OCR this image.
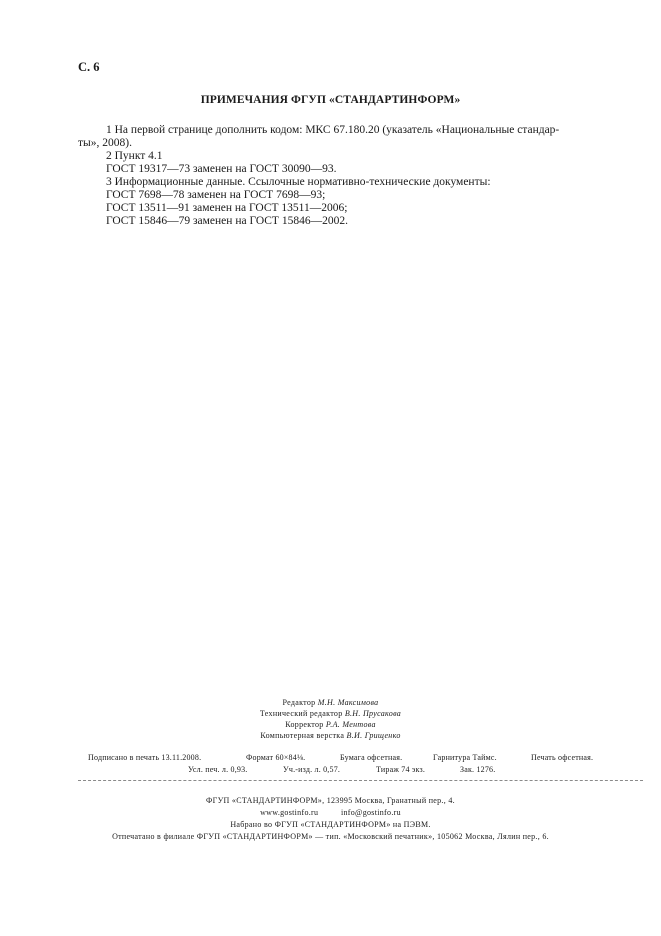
С. 6
ПРИМЕЧАНИЯ ФГУП «СТАНДАРТИНФОРМ»
1 На первой странице дополнить кодом: МКС 67.180.20 (указатель «Национальные стандар-
ты», 2008).
2 Пункт 4.1
ГОСТ 19317—73 заменен на ГОСТ 30090—93.
3 Информационные данные. Ссылочные нормативно-технические документы:
ГОСТ 7698—78 заменен на ГОСТ 7698—93;
ГОСТ 13511—91 заменен на ГОСТ 13511—2006;
ГОСТ 15846—79 заменен на ГОСТ 15846—2002.
Редактор М.Н. Максимова
Технический редактор В.Н. Прусакова
Корректор Р.А. Ментова
Компьютерная верстка В.И. Грищенко
Подписано в печать 13.11.2008.	Формат 60×84⅛.	Бумага офсетная.	Гарнитура Таймс.	Печать офсетная.
Усл. печ. л. 0,93.	Уч.-изд. л. 0,57.	Тираж 74 экз.	Зак. 1276.
ФГУП «СТАНДАРТИНФОРМ», 123995 Москва, Гранатный пер., 4.
www.gostinfo.ru	info@gostinfo.ru
Набрано во ФГУП «СТАНДАРТИНФОРМ» на ПЭВМ.
Отпечатано в филиале ФГУП «СТАНДАРТИНФОРМ» — тип. «Московский печатник», 105062 Москва, Лялин пер., 6.
